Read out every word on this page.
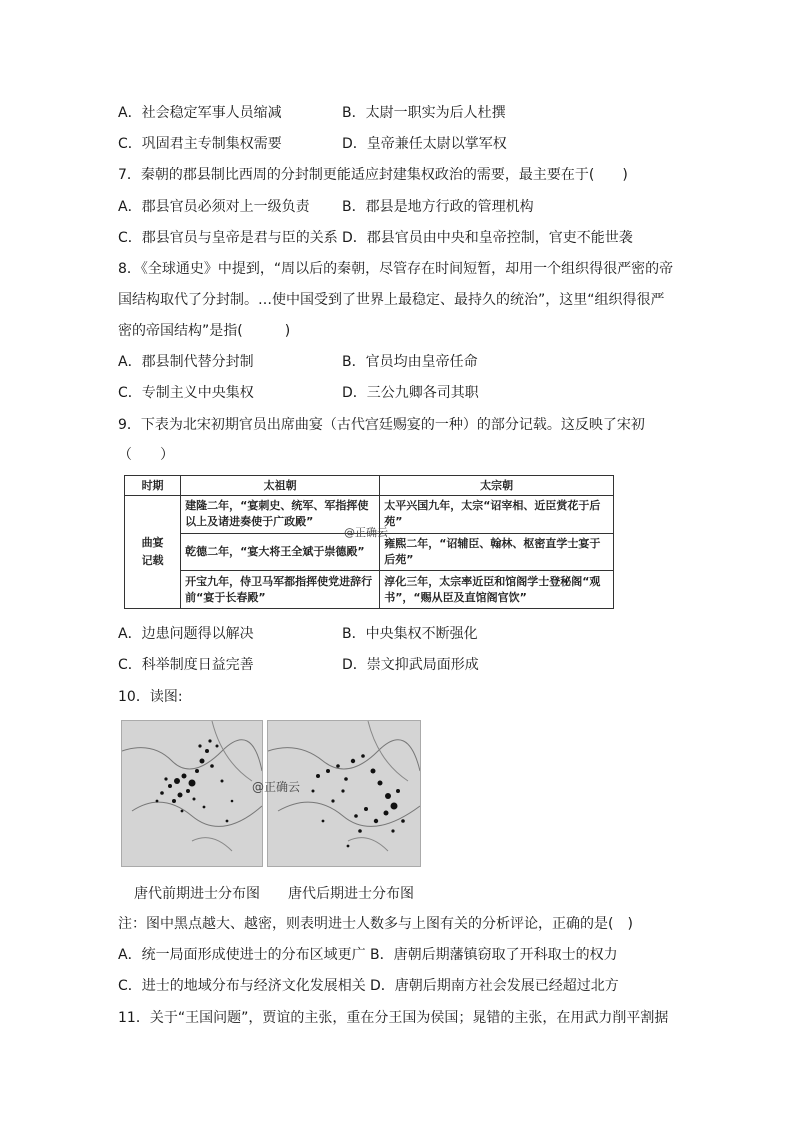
A．社会稳定军事人员缩减	B．太尉一职实为后人杜撰
C．巩固君主专制集权需要	D．皇帝兼任太尉以掌军权
7．秦朝的郡县制比西周的分封制更能适应封建集权政治的需要，最主要在于(　　)
A．郡县官员必须对上一级负责 B．郡县是地方行政的管理机构
C．郡县官员与皇帝是君与臣的关系 D．郡县官员由中央和皇帝控制，官吏不能世袭
8．《全球通史》中提到，“周以后的秦朝，尽管存在时间短暂，却用一个组织得很严密的帝
国结构取代了分封制。…使中国受到了世界上最稳定、最持久的统治”，这里“组织得很严
密的帝国结构”是指(　　　)
A．郡县制代替分封制	B．官员均由皇帝任命
C．专制主义中央集权	D．三公九卿各司其职
9．下表为北宋初期官员出席曲宴（古代宫廷赐宴的一种）的部分记载。这反映了宋初
（　　）
时期	太祖朝	太宗朝
曲宴
记载	建隆二年，“宴刺史、统军、军指挥使以上及诸进奏使于广政殿”	太平兴国九年，太宗“诏宰相、近臣赏花于后苑”
	乾德二年，“宴大将王全斌于崇德殿”	雍熙二年，“诏辅臣、翰林、枢密直学士宴于后苑”
	开宝九年，侍卫马军都指挥使党进辞行前“宴于长春殿”	淳化三年，太宗率近臣和馆阁学士登秘阁“观书”，“赐从臣及直馆阁官饮”
@正确云
A．边患问题得以解决	B．中央集权不断强化
C．科举制度日益完善	D．崇文抑武局面形成
10．读图:
@正确云
唐代前期进士分布图 唐代后期进士分布图
注：图中黑点越大、越密，则表明进士人数多与上图有关的分析评论，正确的是(　)
A．统一局面形成使进士的分布区域更广 B．唐朝后期藩镇窃取了开科取士的权力
C．进士的地域分布与经济文化发展相关 D．唐朝后期南方社会发展已经超过北方
11．关于“王国问题”，贾谊的主张，重在分王国为侯国；晁错的主张，在用武力削平割据
